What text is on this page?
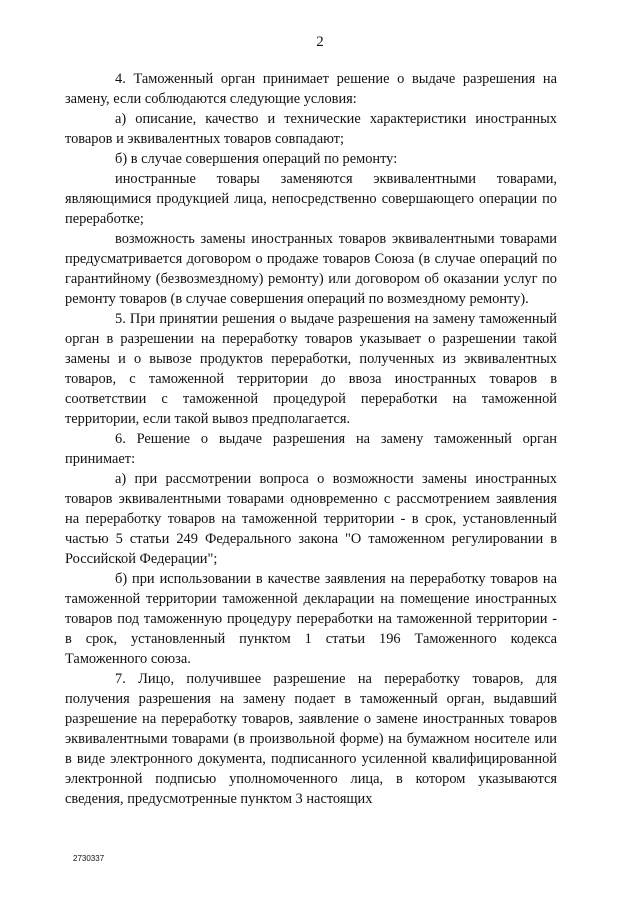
2

4. Таможенный орган принимает решение о выдаче разрешения на замену, если соблюдаются следующие условия:

а) описание, качество и технические характеристики иностранных товаров и эквивалентных товаров совпадают;

б) в случае совершения операций по ремонту:

иностранные товары заменяются эквивалентными товарами, являющимися продукцией лица, непосредственно совершающего операции по переработке;

возможность замены иностранных товаров эквивалентными товарами предусматривается договором о продаже товаров Союза (в случае операций по гарантийному (безвозмездному) ремонту) или договором об оказании услуг по ремонту товаров (в случае совершения операций по возмездному ремонту).

5. При принятии решения о выдаче разрешения на замену таможенный орган в разрешении на переработку товаров указывает о разрешении такой замены и о вывозе продуктов переработки, полученных из эквивалентных товаров, с таможенной территории до ввоза иностранных товаров в соответствии с таможенной процедурой переработки на таможенной территории, если такой вывоз предполагается.

6. Решение о выдаче разрешения на замену таможенный орган принимает:

а) при рассмотрении вопроса о возможности замены иностранных товаров эквивалентными товарами одновременно с рассмотрением заявления на переработку товаров на таможенной территории - в срок, установленный частью 5 статьи 249 Федерального закона "О таможенном регулировании в Российской Федерации";

б) при использовании в качестве заявления на переработку товаров на таможенной территории таможенной декларации на помещение иностранных товаров под таможенную процедуру переработки на таможенной территории - в срок, установленный пунктом 1 статьи 196 Таможенного кодекса Таможенного союза.

7. Лицо, получившее разрешение на переработку товаров, для получения разрешения на замену подает в таможенный орган, выдавший разрешение на переработку товаров, заявление о замене иностранных товаров эквивалентными товарами (в произвольной форме) на бумажном носителе или в виде электронного документа, подписанного усиленной квалифицированной электронной подписью уполномоченного лица, в котором указываются сведения, предусмотренные пунктом 3 настоящих

2730337
